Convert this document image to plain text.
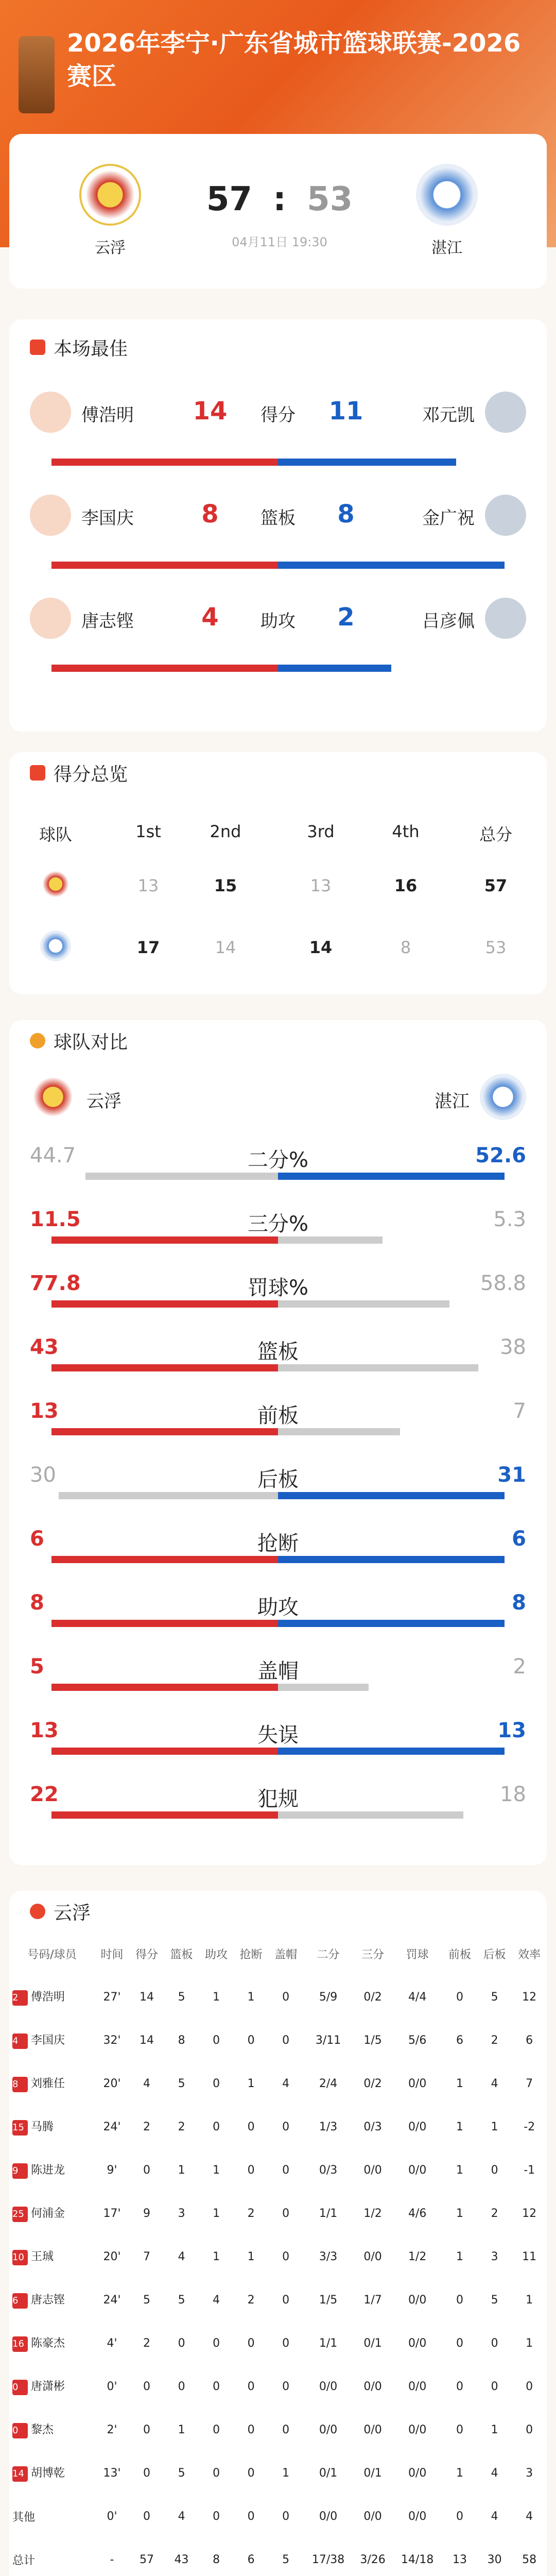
2026年李宁·广东省城市篮球联赛-2026赛区
云浮
57 : 53
04月11日 19:30	湛江
本场最佳
傅浩明	14	得分	11	邓元凯
李国庆	8	篮板	8	金广祝
唐志铿	4	助攻	2	吕彦佩
得分总览
球队	1st	2nd	3rd	4th	总分
13	15	13	16	57
17	14	14	8	53
球队对比
云浮	湛江
44.7	二分%	52.6
11.5	三分%	5.3
77.8	罚球%	58.8
43	篮板	38
13	前板	7
30	后板	31
6	抢断	6
8	助攻	8
5	盖帽	2
13	失误	13
22	犯规	18
云浮
号码/球员	时间	得分	篮板	助攻	抢断	盖帽	二分	三分	罚球	前板	后板	效率
2 傅浩明	27'	14	5	1	1	0	5/9	0/2	4/4	0	5	12
4 李国庆	32'	14	8	0	0	0	3/11	1/5	5/6	6	2	6
8 刘雅任	20'	4	5	0	1	4	2/4	0/2	0/0	1	4	7
15 马腾	24'	2	2	0	0	0	1/3	0/3	0/0	1	1	-2
9 陈进龙	9'	0	1	1	0	0	0/3	0/0	0/0	1	0	-1
25 何浦金	17'	9	3	1	2	0	1/1	1/2	4/6	1	2	12
10 王珹	20'	7	4	1	1	0	3/3	0/0	1/2	1	3	11
6 唐志铿	24'	5	5	4	2	0	1/5	1/7	0/0	0	5	1
16 陈豪杰	4'	2	0	0	0	0	1/1	0/1	0/0	0	0	1
0 唐潇彬	0'	0	0	0	0	0	0/0	0/0	0/0	0	0	0
0 黎杰	2'	0	1	0	0	0	0/0	0/0	0/0	0	1	0
14 胡博乾	13'	0	5	0	0	1	0/1	0/1	0/0	1	4	3
其他	0'	0	4	0	0	0	0/0	0/0	0/0	0	4	4
总计	-	57	43	8	6	5	17/38	3/26	14/18	13	30	58
